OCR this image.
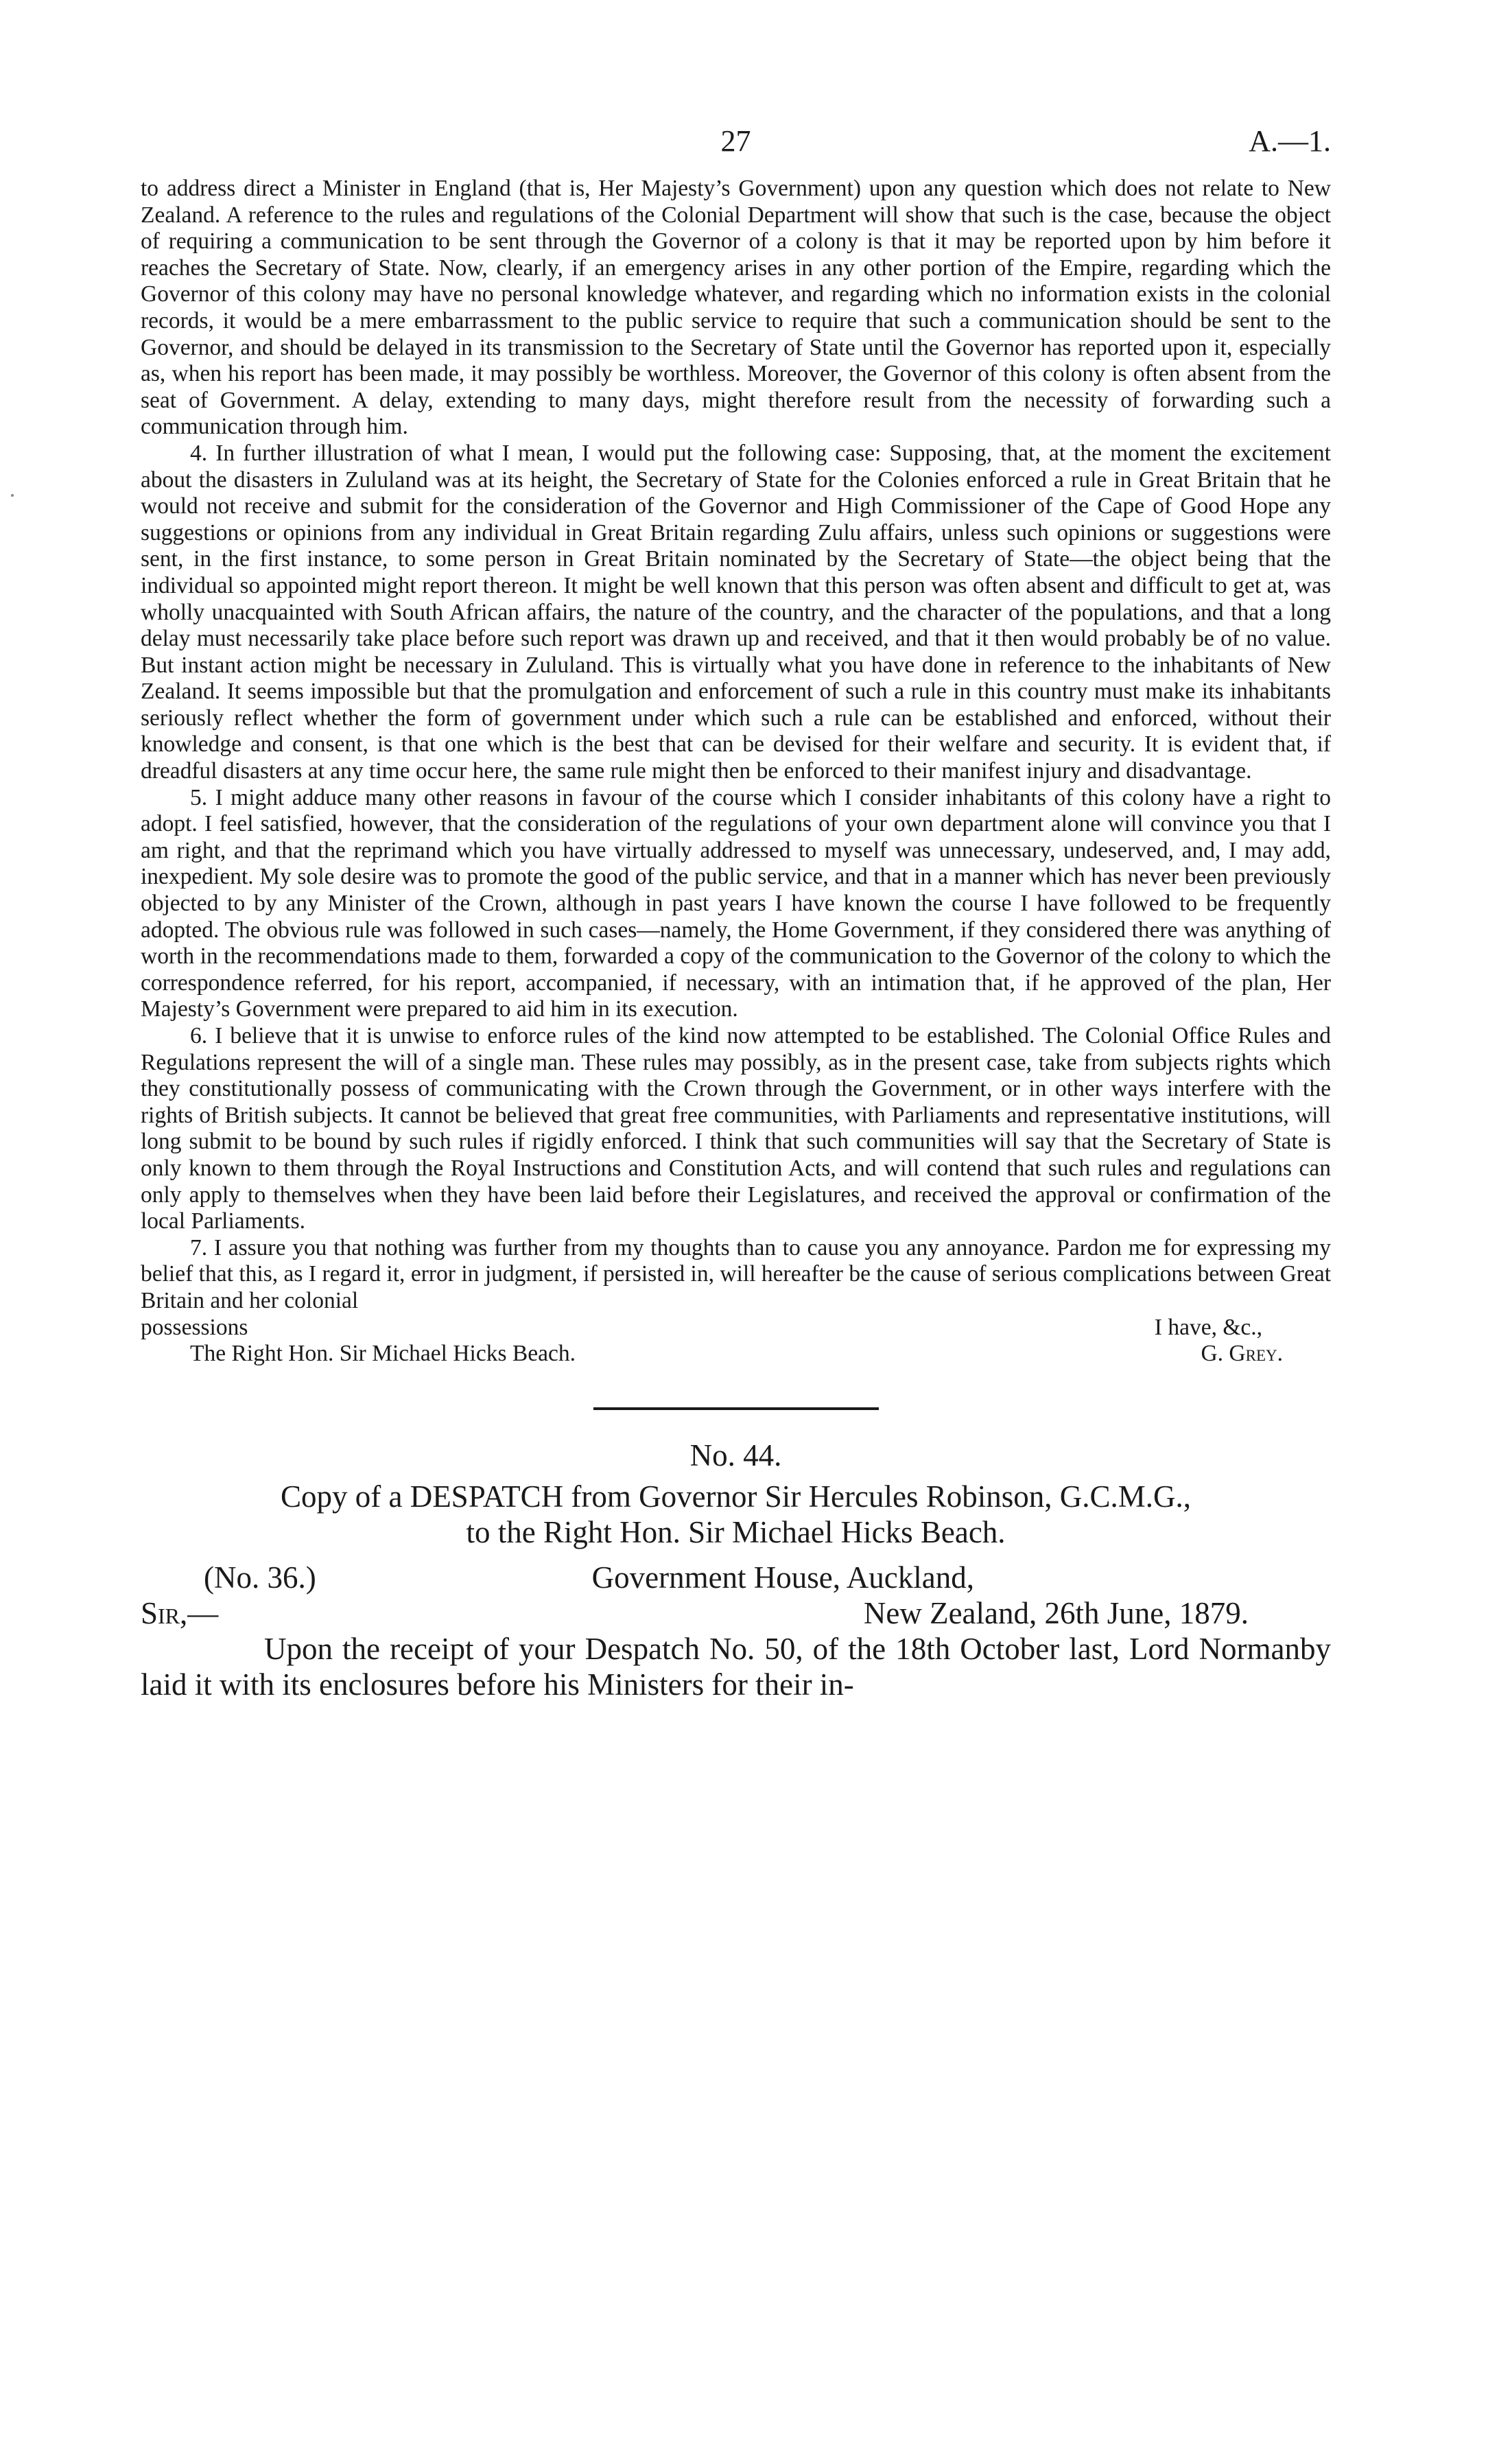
27	A.—1.

to address direct a Minister in England (that is, Her Majesty’s Government) upon any question which does not relate to New Zealand. A reference to the rules and regulations of the Colonial Department will show that such is the case, because the object of requiring a communication to be sent through the Governor of a colony is that it may be reported upon by him before it reaches the Secretary of State. Now, clearly, if an emergency arises in any other portion of the Empire, regarding which the Governor of this colony may have no personal knowledge whatever, and regarding which no information exists in the colonial records, it would be a mere embarrassment to the public service to require that such a communication should be sent to the Governor, and should be delayed in its transmission to the Secretary of State until the Governor has reported upon it, especially as, when his report has been made, it may possibly be worthless. Moreover, the Governor of this colony is often absent from the seat of Government. A delay, extending to many days, might therefore result from the necessity of forwarding such a communication through him.

4. In further illustration of what I mean, I would put the following case: Supposing, that, at the moment the excitement about the disasters in Zululand was at its height, the Secretary of State for the Colonies enforced a rule in Great Britain that he would not receive and submit for the consideration of the Governor and High Commissioner of the Cape of Good Hope any suggestions or opinions from any individual in Great Britain regarding Zulu affairs, unless such opinions or suggestions were sent, in the first instance, to some person in Great Britain nominated by the Secretary of State—the object being that the individual so appointed might report thereon. It might be well known that this person was often absent and difficult to get at, was wholly unacquainted with South African affairs, the nature of the country, and the character of the populations, and that a long delay must necessarily take place before such report was drawn up and received, and that it then would probably be of no value. But instant action might be necessary in Zululand. This is virtually what you have done in reference to the inhabitants of New Zealand. It seems impossible but that the promulgation and enforcement of such a rule in this country must make its inhabitants seriously reflect whether the form of government under which such a rule can be established and enforced, without their knowledge and consent, is that one which is the best that can be devised for their welfare and security. It is evident that, if dreadful disasters at any time occur here, the same rule might then be enforced to their manifest injury and disadvantage.

5. I might adduce many other reasons in favour of the course which I consider inhabitants of this colony have a right to adopt. I feel satisfied, however, that the consideration of the regulations of your own department alone will convince you that I am right, and that the reprimand which you have virtually addressed to myself was unnecessary, undeserved, and, I may add, inexpedient. My sole desire was to promote the good of the public service, and that in a manner which has never been previously objected to by any Minister of the Crown, although in past years I have known the course I have followed to be frequently adopted. The obvious rule was followed in such cases—namely, the Home Government, if they considered there was anything of worth in the recommendations made to them, forwarded a copy of the communication to the Governor of the colony to which the correspondence referred, for his report, accompanied, if necessary, with an intimation that, if he approved of the plan, Her Majesty’s Government were prepared to aid him in its execution.

6. I believe that it is unwise to enforce rules of the kind now attempted to be established. The Colonial Office Rules and Regulations represent the will of a single man. These rules may possibly, as in the present case, take from subjects rights which they constitutionally possess of communicating with the Crown through the Government, or in other ways interfere with the rights of British subjects. It cannot be believed that great free communities, with Parliaments and representative institutions, will long submit to be bound by such rules if rigidly enforced. I think that such communities will say that the Secretary of State is only known to them through the Royal Instructions and Constitution Acts, and will contend that such rules and regulations can only apply to themselves when they have been laid before their Legislatures, and received the approval or confirmation of the local Parliaments.

7. I assure you that nothing was further from my thoughts than to cause you any annoyance. Pardon me for expressing my belief that this, as I regard it, error in judgment, if persisted in, will hereafter be the cause of serious complications between Great Britain and her colonial

possessions	I have, &c.,
The Right Hon. Sir Michael Hicks Beach.	G. Grey.
No. 44.
Copy of a DESPATCH from Governor Sir Hercules Robinson, G.C.M.G.,
to the Right Hon. Sir Michael Hicks Beach.
(No. 36.)	Government House, Auckland,
Sir,—	New Zealand, 26th June, 1879.

Upon the receipt of your Despatch No. 50, of the 18th October last, Lord Normanby laid it with its enclosures before his Ministers for their in-
